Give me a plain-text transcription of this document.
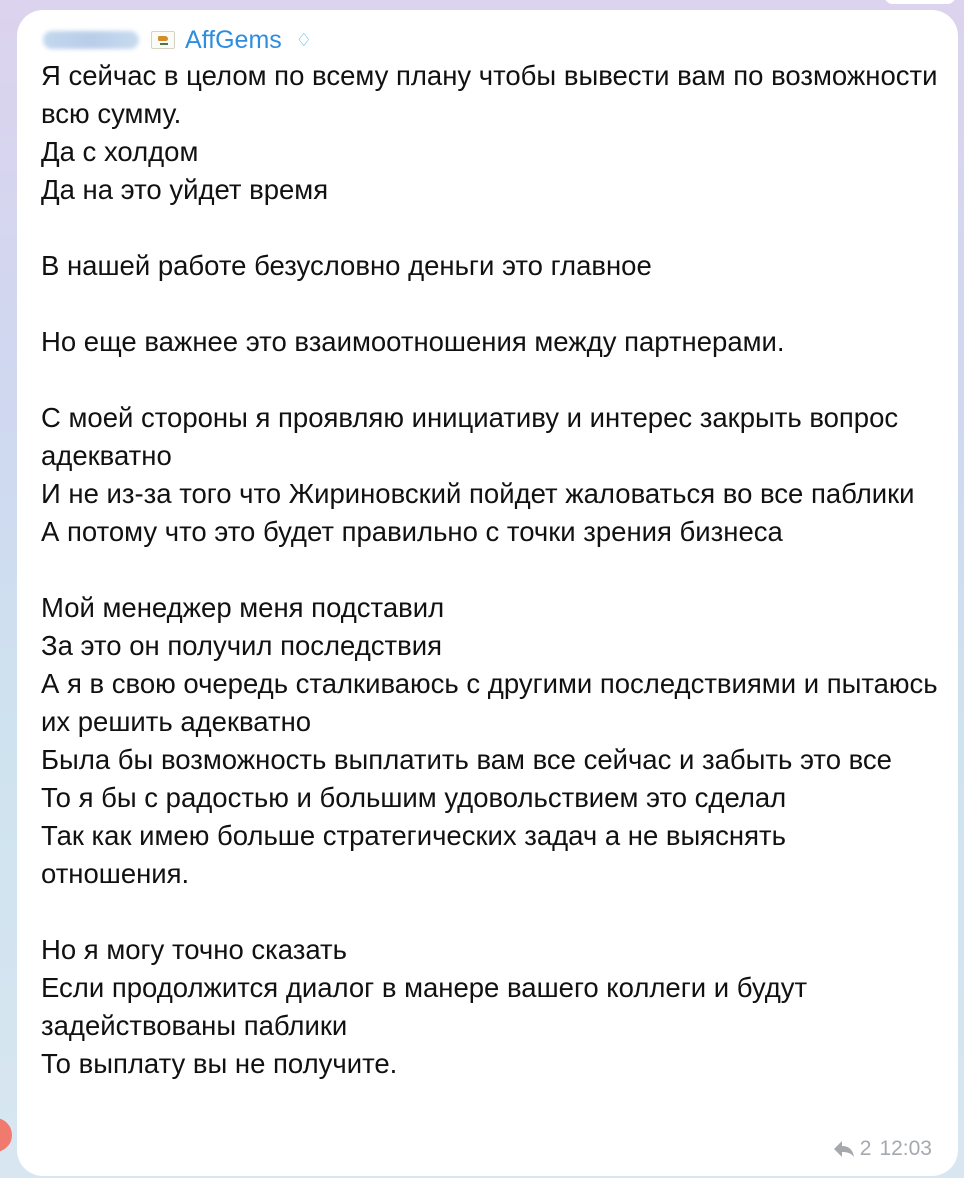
AffGems ♢

Я сейчас в целом по всему плану чтобы вывести вам по возможности всю сумму.
Да с холдом
Да на это уйдет время

В нашей работе безусловно деньги это главное

Но еще важнее это взаимоотношения между партнерами.

С моей стороны я проявляю инициативу и интерес закрыть вопрос адекватно
И не из-за того что Жириновский пойдет жаловаться во все паблики
А потому что это будет правильно с точки зрения бизнеса

Мой менеджер меня подставил
За это он получил последствия
А я в свою очередь сталкиваюсь с другими последствиями и пытаюсь их решить адекватно
Была бы возможность выплатить вам все сейчас и забыть это все
То я бы с радостью и большим удовольствием это сделал
Так как имею больше стратегических задач а не выяснять отношения.

Но я могу точно сказать
Если продолжится диалог в манере вашего коллеги и будут задействованы паблики
То выплату вы не получите.

2 12:03
